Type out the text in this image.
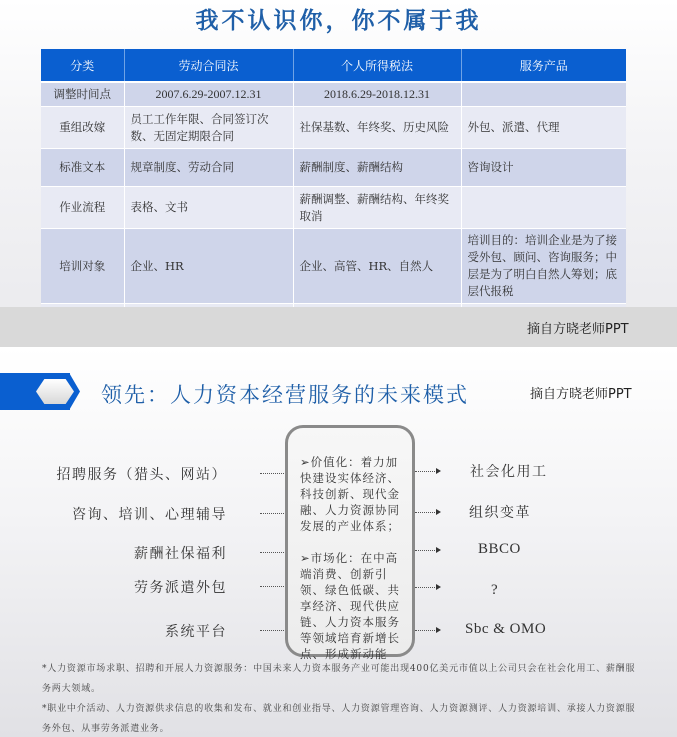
我不认识你，你不属于我
分类	劳动合同法	个人所得税法	服务产品
调整时间点	2007.6.29-2007.12.31	2018.6.29-2018.12.31	
重组改嫁	员工工作年限、合同签订次数、无固定期限合同	社保基数、年终奖、历史风险	外包、派遣、代理
标准文本	规章制度、劳动合同	薪酬制度、薪酬结构	咨询设计
作业流程	表格、文书	薪酬调整、薪酬结构、年终奖取消	
培训对象	企业、HR	企业、高管、HR、自然人	培训目的：培训企业是为了接受外包、顾问、咨询服务；中层是为了明白自然人筹划；底层代报税

摘自方晓老师PPT
领先：人力资本经营服务的未来模式	摘自方晓老师PPT
招聘服务（猎头、网站）
咨询、培训、心理辅导
薪酬社保福利
劳务派遣外包
系统平台

➢价值化：着力加快建设实体经济、科技创新、现代金融、人力资源协同发展的产业体系；

➢市场化：在中高端消费、创新引领、绿色低碳、共享经济、现代供应链、人力资本服务等领域培育新增长点、形成新动能

社会化用工
组织变革
BBCO
?
Sbc & OMO
*人力资源市场求职、招聘和开展人力资源服务：中国未来人力资本服务产业可能出现400亿美元市值以上公司只会在社会化用工、薪酬服务两大领域。
*职业中介活动、人力资源供求信息的收集和发布、就业和创业指导、人力资源管理咨询、人力资源测评、人力资源培训、承接人力资源服务外包、从事劳务派遣业务。
